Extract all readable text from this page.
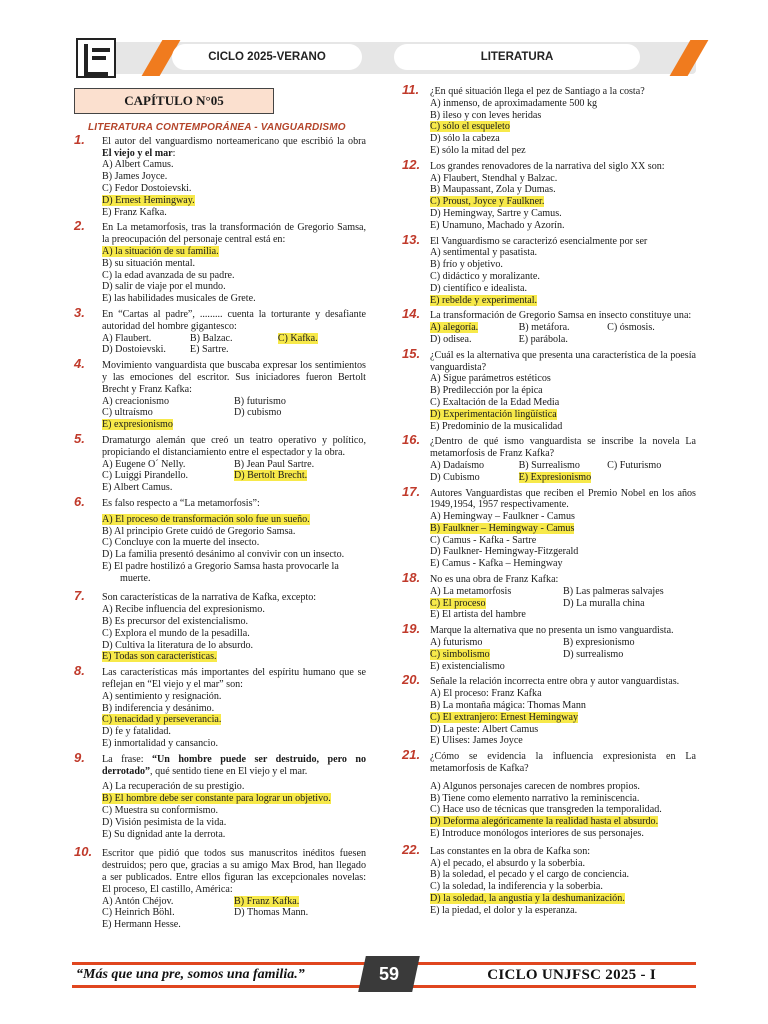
CICLO 2025-VERANO	LITERATURA
CAPÍTULO N°05
LITERATURA CONTEMPORÁNEA - VANGUARDISMO
1. El autor del vanguardismo norteamericano que escribió la obra El viejo y el mar:
A) Albert Camus.
B) James Joyce.
C) Fedor Dostoievski.
D) Ernest Hemingway.
E) Franz Kafka.
2. En La metamorfosis, tras la transformación de Gregorio Samsa, la preocupación del personaje central está en:
A) la situación de su familia.
B) su situación mental.
C) la edad avanzada de su padre.
D) salir de viaje por el mundo.
E) las habilidades musicales de Grete.
3. En “Cartas al padre”, ......... cuenta la torturante y desafiante autoridad del hombre gigantesco:
A) Flaubert.	B) Balzac.	C) Kafka.
D) Dostoievski.	E) Sartre.
4. Movimiento vanguardista que buscaba expresar los sentimientos y las emociones del escritor. Sus iniciadores fueron Bertolt Brecht y Franz Kafka:
A) creacionismo	B) futurismo
C) ultraísmo	D) cubismo
E) expresionismo
5. Dramaturgo alemán que creó un teatro operativo y político, propiciando el distanciamiento entre el espectador y la obra.
A) Eugene O´ Nelly.	B) Jean Paul Sartre.
C) Luiggi Pirandello.	D) Bertolt Brecht.
E) Albert Camus.
6. Es falso respecto a “La metamorfosis”:
A) El proceso de transformación solo fue un sueño.
B) Al principio Grete cuidó de Gregorio Samsa.
C) Concluye con la muerte del insecto.
D) La familia presentó desánimo al convivir con un insecto.
E) El padre hostilizó a Gregorio Samsa hasta provocarle la muerte.
7. Son características de la narrativa de Kafka, excepto:
A) Recibe influencia del expresionismo.
B) Es precursor del existencialismo.
C) Explora el mundo de la pesadilla.
D) Cultiva la literatura de lo absurdo.
E) Todas son características.
8. Las características más importantes del espíritu humano que se reflejan en “El viejo y el mar” son:
A) sentimiento y resignación.
B) indiferencia y desánimo.
C) tenacidad y perseverancia.
D) fe y fatalidad.
E) inmortalidad y cansancio.
9. La frase: “Un hombre puede ser destruido, pero no derrotado”, qué sentido tiene en El viejo y el mar.
A) La recuperación de su prestigio.
B) El hombre debe ser constante para lograr un objetivo.
C) Muestra su conformismo.
D) Visión pesimista de la vida.
E) Su dignidad ante la derrota.
10. Escritor que pidió que todos sus manuscritos inéditos fuesen destruidos; pero que, gracias a su amigo Max Brod, han llegado a ser publicados. Entre ellos figuran las excepcionales novelas: El proceso, El castillo, América:
A) Antón Chéjov.	B) Franz Kafka.
C) Heinrich Böhl.	D) Thomas Mann.
E) Hermann Hesse.
11. ¿En qué situación llega el pez de Santiago a la costa?
A) inmenso, de aproximadamente 500 kg
B) ileso y con leves heridas
C) sólo el esqueleto
D) sólo la cabeza
E) sólo la mitad del pez
12. Los grandes renovadores de la narrativa del siglo XX son:
A) Flaubert, Stendhal y Balzac.
B) Maupassant, Zola y Dumas.
C) Proust, Joyce y Faulkner.
D) Hemingway, Sartre y Camus.
E) Unamuno, Machado y Azorín.
13. El Vanguardismo se caracterizó esencialmente por ser
A) sentimental y pasatista.
B) frío y objetivo.
C) didáctico y moralizante.
D) científico e idealista.
E) rebelde y experimental.
14. La transformación de Gregorio Samsa en insecto constituye una:
A) alegoría.	B) metáfora.	C) ósmosis.
D) odisea.	E) parábola.
15. ¿Cuál es la alternativa que presenta una característica de la poesía vanguardista?
A) Sigue parámetros estéticos
B) Predilección por la épica
C) Exaltación de la Edad Media
D) Experimentación lingüística
E) Predominio de la musicalidad
16. ¿Dentro de qué ismo vanguardista se inscribe la novela La metamorfosis de Franz Kafka?
A) Dadaísmo	B) Surrealismo	C) Futurismo
D) Cubismo	E) Expresionismo
17. Autores Vanguardistas que reciben el Premio Nobel en los años 1949,1954, 1957 respectivamente.
A) Hemingway – Faulkner - Camus
B) Faulkner – Hemingway - Camus
C) Camus - Kafka - Sartre
D) Faulkner- Hemingway-Fitzgerald
E) Camus - Kafka – Hemingway
18. No es una obra de Franz Kafka:
A) La metamorfosis	B) Las palmeras salvajes
C) El proceso	D) La muralla china
E) El artista del hambre
19. Marque la alternativa que no presenta un ismo vanguardista.
A) futurismo	B) expresionismo
C) simbolismo	D) surrealismo
E) existencialismo
20. Señale la relación incorrecta entre obra y autor vanguardistas.
A) El proceso: Franz Kafka
B) La montaña mágica: Thomas Mann
C) El extranjero: Ernest Hemingway
D) La peste: Albert Camus
E) Ulises: James Joyce
21. ¿Cómo se evidencia la influencia expresionista en La metamorfosis de Kafka?
A) Algunos personajes carecen de nombres propios.
B) Tiene como elemento narrativo la reminiscencia.
C) Hace uso de técnicas que transgreden la temporalidad.
D) Deforma alegóricamente la realidad hasta el absurdo.
E) Introduce monólogos interiores de sus personajes.
22. Las constantes en la obra de Kafka son:
A) el pecado, el absurdo y la soberbia.
B) la soledad, el pecado y el cargo de conciencia.
C) la soledad, la indiferencia y la soberbia.
D) la soledad, la angustia y la deshumanización.
E) la piedad, el dolor y la esperanza.
“Más que una pre, somos una familia.”	59	CICLO UNJFSC 2025 - I
